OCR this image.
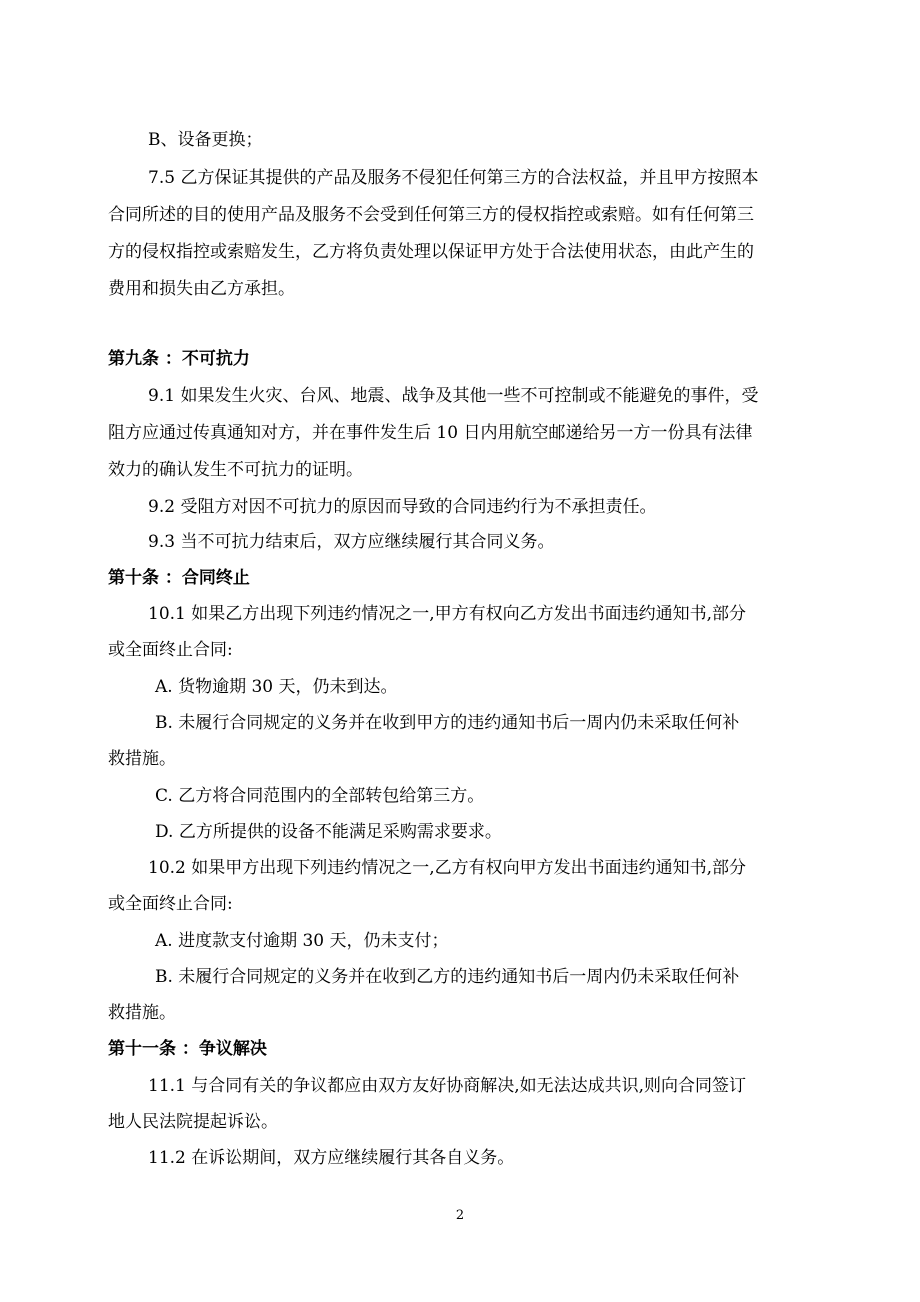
B、设备更换；
7.5 乙方保证其提供的产品及服务不侵犯任何第三方的合法权益，并且甲方按照本
合同所述的目的使用产品及服务不会受到任何第三方的侵权指控或索赔。如有任何第三
方的侵权指控或索赔发生，乙方将负责处理以保证甲方处于合法使用状态，由此产生的
费用和损失由乙方承担。
第九条 ：不可抗力
9.1 如果发生火灾、台风、地震、战争及其他一些不可控制或不能避免的事件，受
阻方应通过传真通知对方，并在事件发生后 10 日内用航空邮递给另一方一份具有法律
效力的确认发生不可抗力的证明。
9.2 受阻方对因不可抗力的原因而导致的合同违约行为不承担责任。
9.3 当不可抗力结束后，双方应继续履行其合同义务。
第十条 ：合同终止
10.1 如果乙方出现下列违约情况之一,甲方有权向乙方发出书面违约通知书,部分
或全面终止合同:
A. 货物逾期 30 天，仍未到达。
B. 未履行合同规定的义务并在收到甲方的违约通知书后一周内仍未采取任何补
救措施。
C. 乙方将合同范围内的全部转包给第三方。
D. 乙方所提供的设备不能满足采购需求要求。
10.2 如果甲方出现下列违约情况之一,乙方有权向甲方发出书面违约通知书,部分
或全面终止合同:
A. 进度款支付逾期 30 天，仍未支付；
B. 未履行合同规定的义务并在收到乙方的违约通知书后一周内仍未采取任何补
救措施。
第十一条 ：争议解决
11.1 与合同有关的争议都应由双方友好协商解决,如无法达成共识,则向合同签订
地人民法院提起诉讼。
11.2 在诉讼期间，双方应继续履行其各自义务。
2
